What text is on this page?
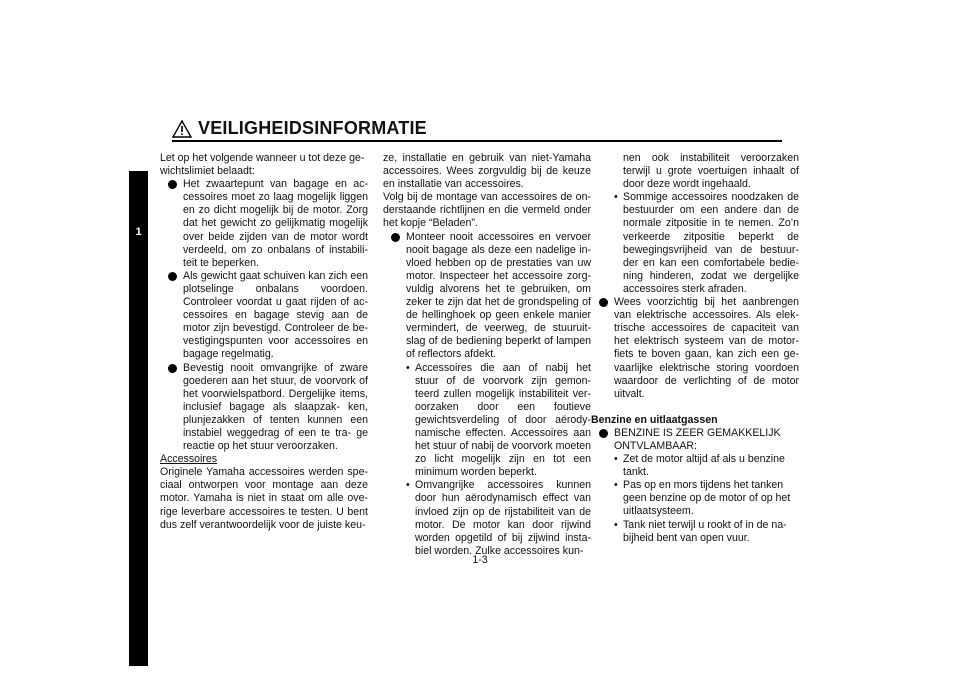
1
VEILIGHEIDSINFORMATIE

Let op het volgende wanneer u tot deze ge- wichtslimiet belaadt:

Het zwaartepunt van bagage en ac- cessoires moet zo laag mogelijk liggen en zo dicht mogelijk bij de motor. Zorg dat het gewicht zo gelijkmatig mogelijk over beide zijden van de motor wordt verdeeld, om zo onbalans of instabili- teit te beperken.

Als gewicht gaat schuiven kan zich een plotselinge onbalans voordoen. Controleer voordat u gaat rijden of ac- cessoires en bagage stevig aan de motor zijn bevestigd. Controleer de be- vestigingspunten voor accessoires en bagage regelmatig.

Bevestig nooit omvangrijke of zware goederen aan het stuur, de voorvork of het voorwielspatbord. Dergelijke items, inclusief bagage als slaapzak- ken, plunjezakken of tenten kunnen een instabiel weggedrag of een te tra- ge reactie op het stuur veroorzaken.

Accessoires

Originele Yamaha accessoires werden spe- ciaal ontworpen voor montage aan deze motor. Yamaha is niet in staat om alle ove- rige leverbare accessoires te testen. U bent dus zelf verantwoordelijk voor de juiste keu-

ze, installatie en gebruik van niet-Yamaha accessoires. Wees zorgvuldig bij de keuze en installatie van accessoires.

Volg bij de montage van accessoires de on- derstaande richtlijnen en die vermeld onder het kopje “Beladen”.

Monteer nooit accessoires en vervoer nooit bagage als deze een nadelige in- vloed hebben op de prestaties van uw motor. Inspecteer het accessoire zorg- vuldig alvorens het te gebruiken, om zeker te zijn dat het de grondspeling of de hellinghoek op geen enkele manier vermindert, de veerweg, de stuuruit- slag of de bediening beperkt of lampen of reflectors afdekt.

• Accessoires die aan of nabij het stuur of de voorvork zijn gemon- teerd zullen mogelijk instabiliteit ver- oorzaken door een foutieve gewichtsverdeling of door aërody- namische effecten. Accessoires aan het stuur of nabij de voorvork moeten zo licht mogelijk zijn en tot een minimum worden beperkt.

• Omvangrijke accessoires kunnen door hun aërodynamisch effect van invloed zijn op de rijstabiliteit van de motor. De motor kan door rijwind worden opgetild of bij zijwind insta- biel worden. Zulke accessoires kun-

nen ook instabiliteit veroorzaken terwijl u grote voertuigen inhaalt of door deze wordt ingehaald.

• Sommige accessoires noodzaken de bestuurder om een andere dan de normale zitpositie in te nemen. Zo’n verkeerde zitpositie beperkt de bewegingsvrijheid van de bestuur- der en kan een comfortabele bedie- ning hinderen, zodat we dergelijke accessoires sterk afraden.

Wees voorzichtig bij het aanbrengen van elektrische accessoires. Als elek- trische accessoires de capaciteit van het elektrisch systeem van de motor- fiets te boven gaan, kan zich een ge- vaarlijke elektrische storing voordoen waardoor de verlichting of de motor uitvalt.

Benzine en uitlaatgassen

BENZINE IS ZEER GEMAKKELIJK ONTVLAMBAAR:

• Zet de motor altijd af als u benzine tankt.

• Pas op en mors tijdens het tanken geen benzine op de motor of op het uitlaatsysteem.

• Tank niet terwijl u rookt of in de na- bijheid bent van open vuur.

1-3
